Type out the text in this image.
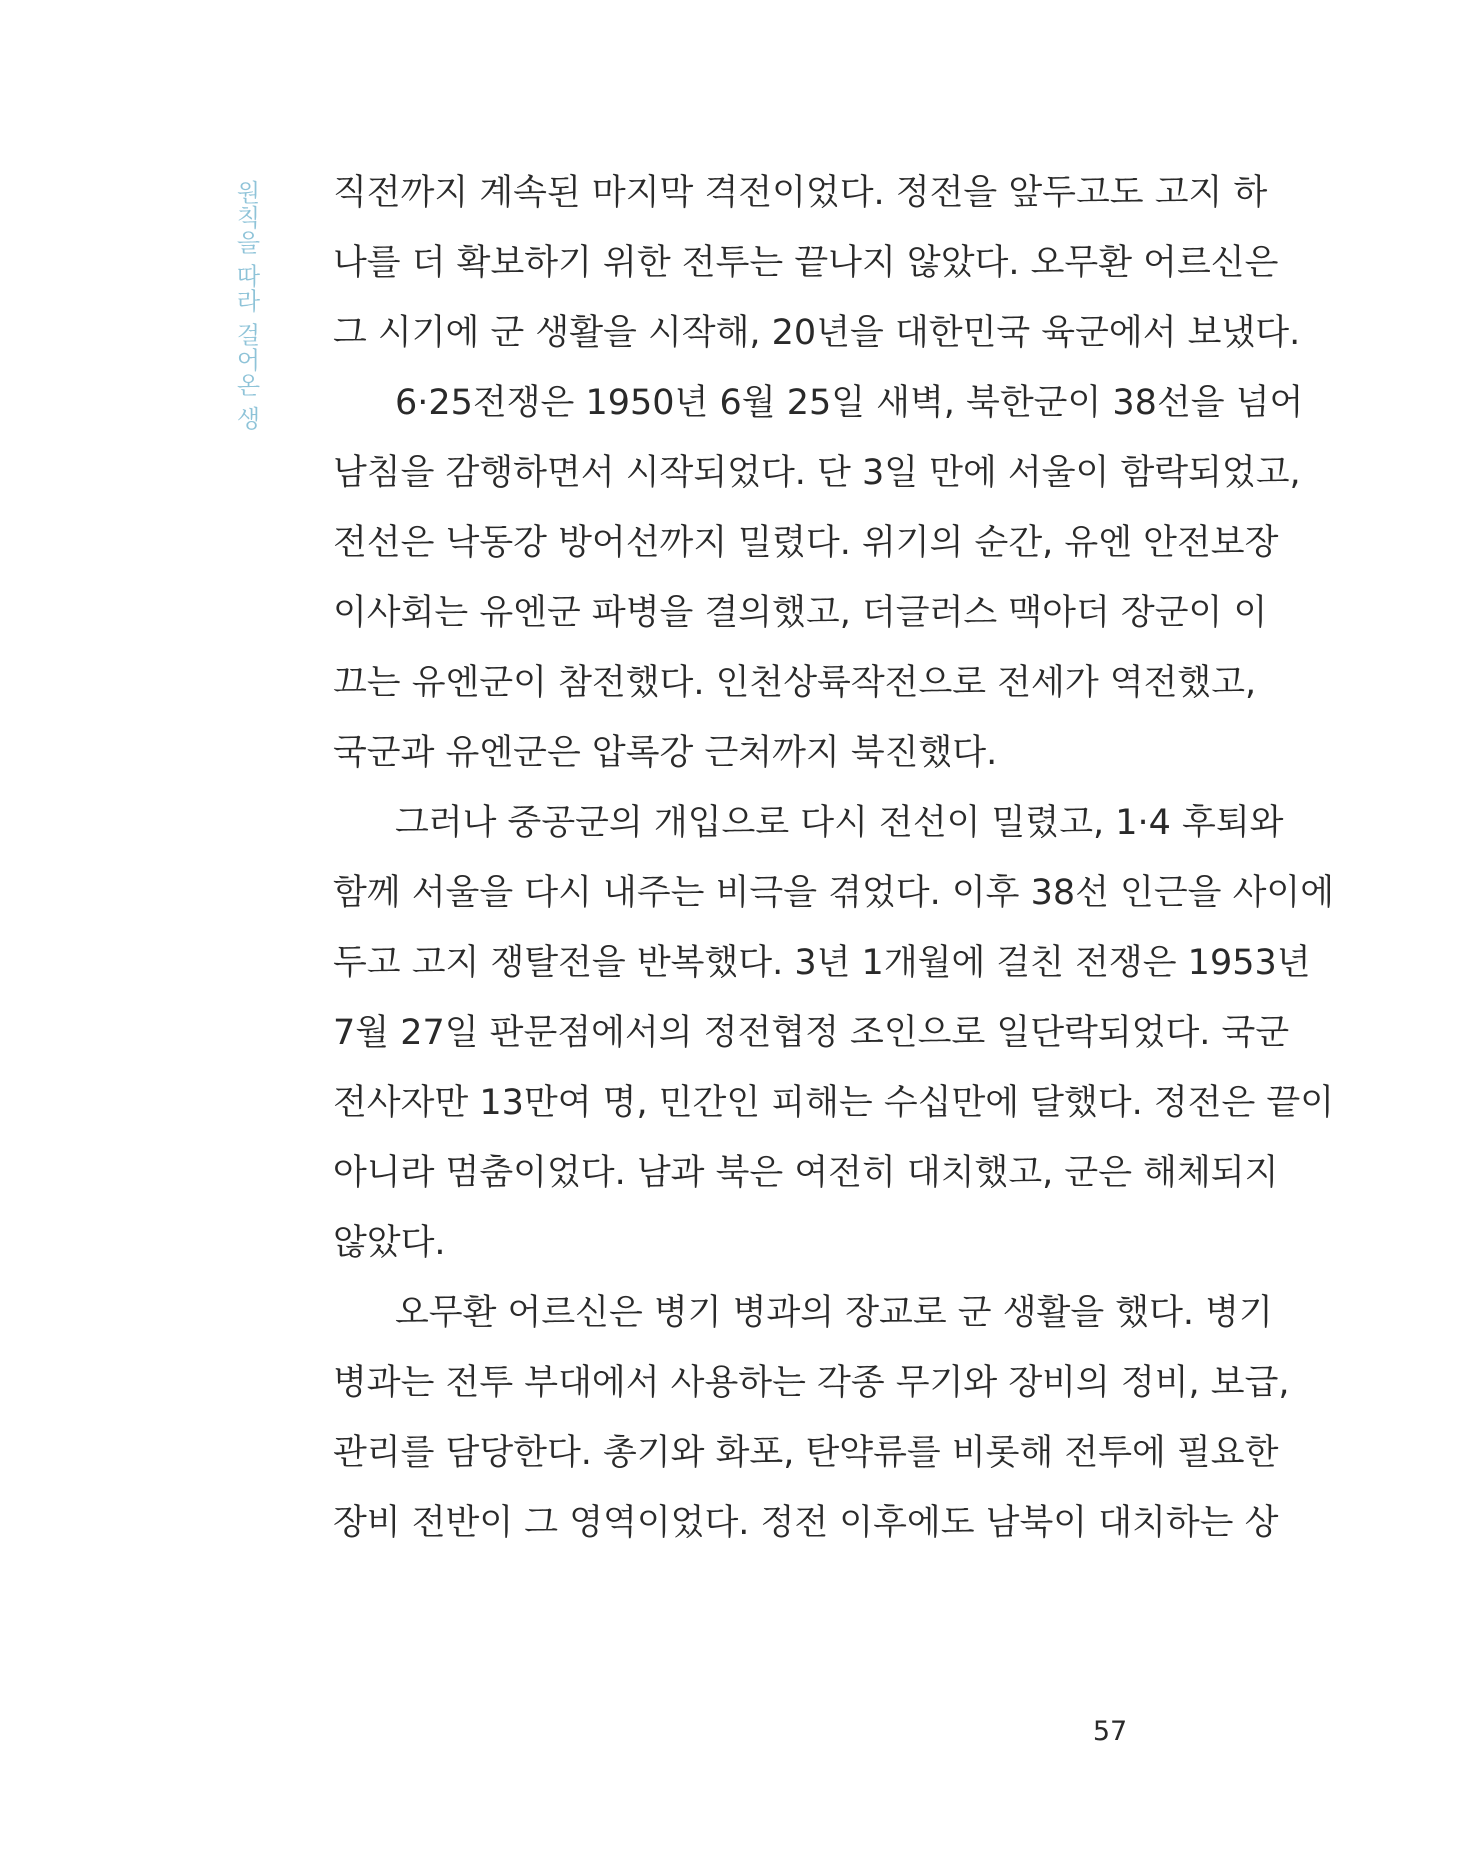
원칙을 따라 걸어온 생 직전까지 계속된 마지막 격전이었다. 정전을 앞두고도 고지 하
나를 더 확보하기 위한 전투는 끝나지 않았다. 오무환 어르신은
그 시기에 군 생활을 시작해, 20년을 대한민국 육군에서 보냈다.
6·25전쟁은 1950년 6월 25일 새벽, 북한군이 38선을 넘어
남침을 감행하면서 시작되었다. 단 3일 만에 서울이 함락되었고,
전선은 낙동강 방어선까지 밀렸다. 위기의 순간, 유엔 안전보장
이사회는 유엔군 파병을 결의했고, 더글러스 맥아더 장군이 이
끄는 유엔군이 참전했다. 인천상륙작전으로 전세가 역전했고,
국군과 유엔군은 압록강 근처까지 북진했다.
그러나 중공군의 개입으로 다시 전선이 밀렸고, 1·4 후퇴와
함께 서울을 다시 내주는 비극을 겪었다. 이후 38선 인근을 사이에
두고 고지 쟁탈전을 반복했다. 3년 1개월에 걸친 전쟁은 1953년
7월 27일 판문점에서의 정전협정 조인으로 일단락되었다. 국군
전사자만 13만여 명, 민간인 피해는 수십만에 달했다. 정전은 끝이
아니라 멈춤이었다. 남과 북은 여전히 대치했고, 군은 해체되지
않았다.
오무환 어르신은 병기 병과의 장교로 군 생활을 했다. 병기
병과는 전투 부대에서 사용하는 각종 무기와 장비의 정비, 보급,
관리를 담당한다. 총기와 화포, 탄약류를 비롯해 전투에 필요한
장비 전반이 그 영역이었다. 정전 이후에도 남북이 대치하는 상
57
